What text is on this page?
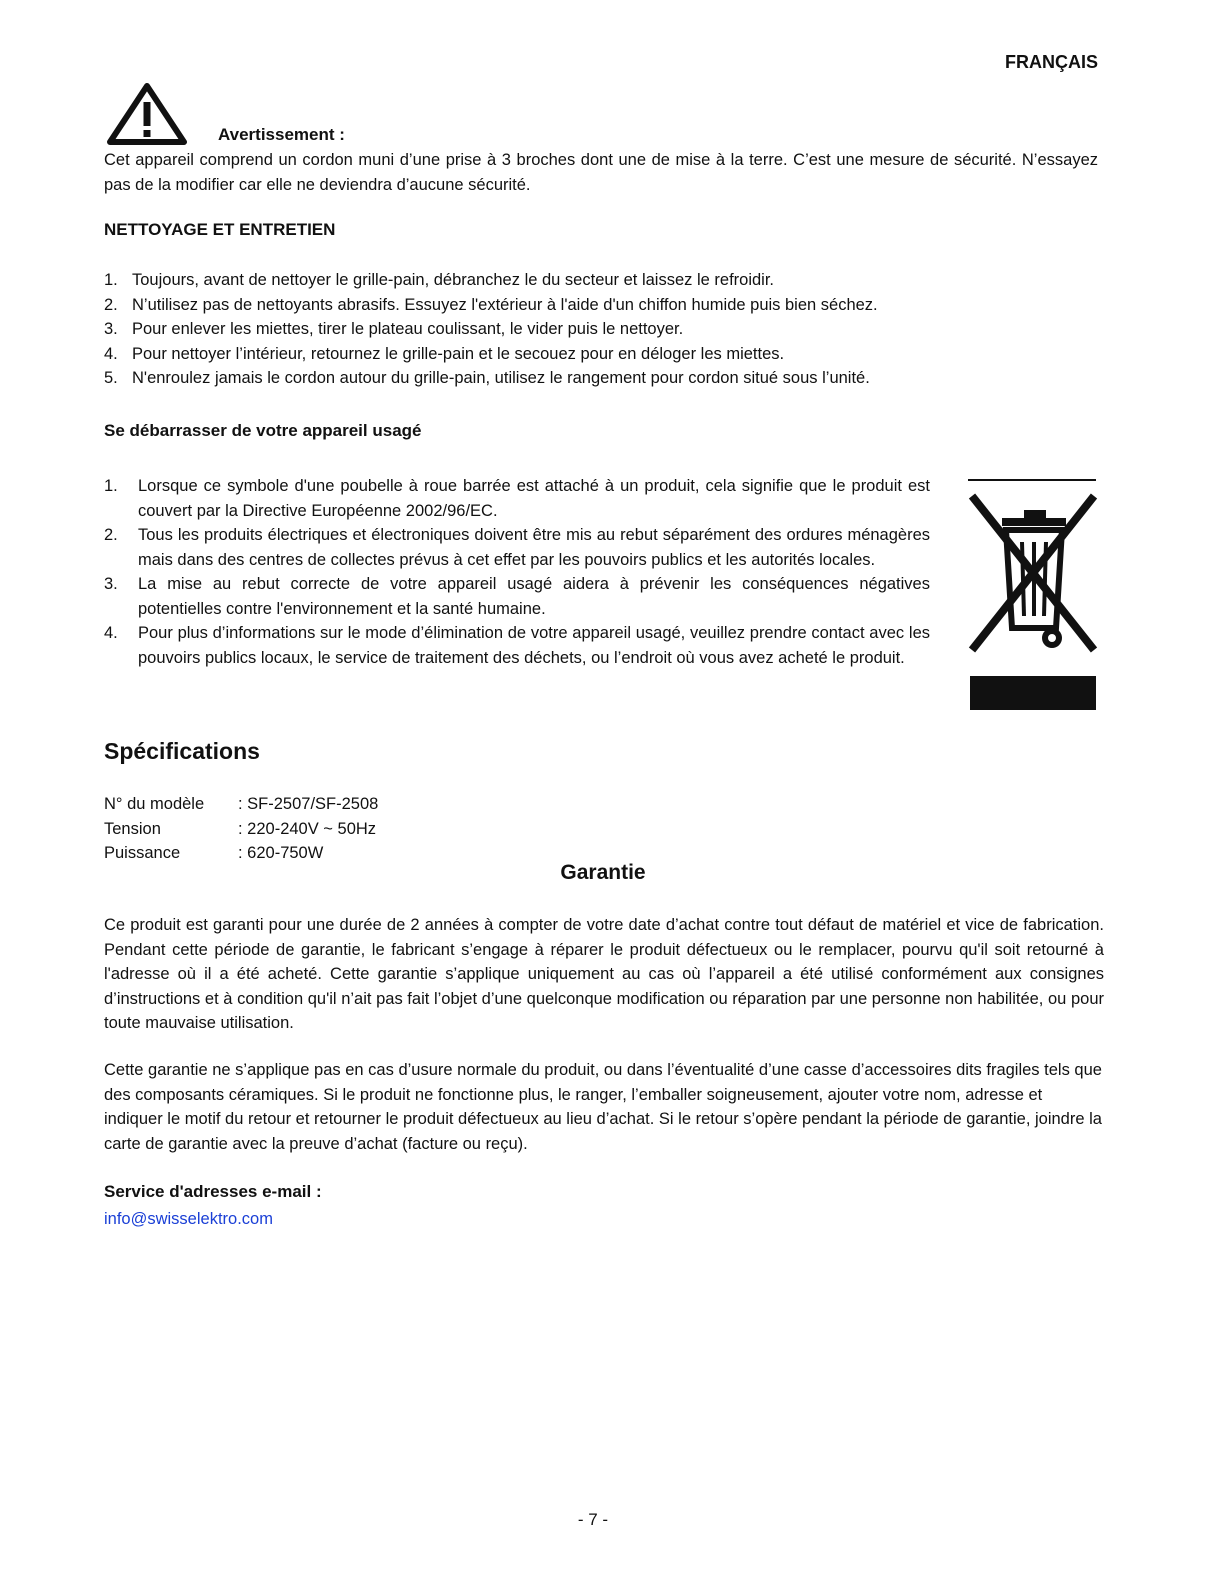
FRANÇAIS
Avertissement :
Cet appareil comprend un cordon muni d’une prise à 3 broches dont une de mise à la terre. C’est une mesure de sécurité. N’essayez pas de la modifier car elle ne deviendra d’aucune sécurité.
NETTOYAGE ET ENTRETIEN
1. Toujours, avant de nettoyer le grille-pain, débranchez le du secteur et laissez le refroidir.
2. N’utilisez pas de nettoyants abrasifs. Essuyez l'extérieur à l'aide d'un chiffon humide puis bien séchez.
3. Pour enlever les miettes, tirer le plateau coulissant, le vider puis le nettoyer.
4. Pour nettoyer l’intérieur, retournez le grille-pain et le secouez pour en déloger les miettes.
5. N'enroulez jamais le cordon autour du grille-pain, utilisez le rangement pour cordon situé sous l’unité.
Se débarrasser de votre appareil usagé
1. Lorsque ce symbole d'une poubelle à roue barrée est attaché à un produit, cela signifie que le produit est couvert par la Directive Européenne 2002/96/EC.
2. Tous les produits électriques et électroniques doivent être mis au rebut séparément des ordures ménagères mais dans des centres de collectes prévus à cet effet par les pouvoirs publics et les autorités locales.
3. La mise au rebut correcte de votre appareil usagé aidera à prévenir les conséquences négatives potentielles contre l'environnement et la santé humaine.
4. Pour plus d’informations sur le mode d’élimination de votre appareil usagé, veuillez prendre contact avec les pouvoirs publics locaux, le service de traitement des déchets, ou l’endroit où vous avez acheté le produit.
Spécifications
N° du modèle	: SF-2507/SF-2508
Tension	: 220-240V ~ 50Hz
Puissance	: 620-750W
Garantie
Ce produit est garanti pour une durée de 2 années à compter de votre date d’achat contre tout défaut de matériel et vice de fabrication. Pendant cette période de garantie, le fabricant s’engage à réparer le produit défectueux ou le remplacer, pourvu qu'il soit retourné à l'adresse où il a été acheté. Cette garantie s’applique uniquement au cas où l’appareil a été utilisé conformément aux consignes d’instructions et à condition qu'il n’ait pas fait l’objet d’une quelconque modification ou réparation par une personne non habilitée, ou pour toute mauvaise utilisation.
Cette garantie ne s’applique pas en cas d’usure normale du produit, ou dans l’éventualité d’une casse d’accessoires dits fragiles tels que des composants céramiques. Si le produit ne fonctionne plus, le ranger, l’emballer soigneusement, ajouter votre nom, adresse et indiquer le motif du retour et retourner le produit défectueux au lieu d’achat. Si le retour s’opère pendant la période de garantie, joindre la carte de garantie avec la preuve d’achat (facture ou reçu).
Service d'adresses e-mail :
info@swisselektro.com
- 7 -
